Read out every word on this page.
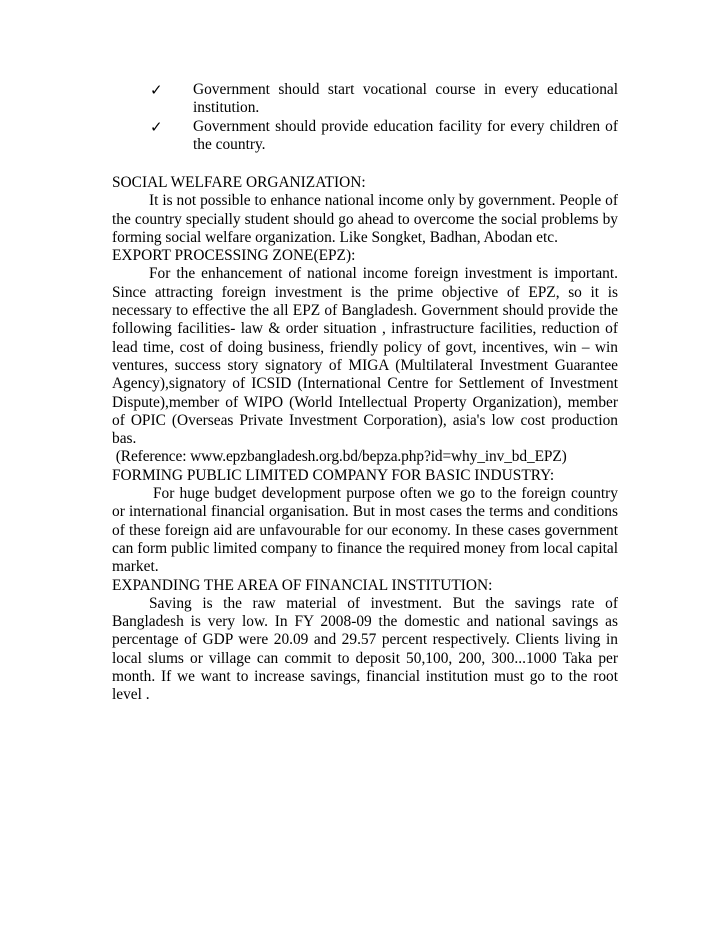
✓ Government should start vocational course in every educational institution.
✓ Government should provide education facility for every children of the country.
SOCIAL WELFARE ORGANIZATION:
It is not possible to enhance national income only by government. People of the country specially student should go ahead to overcome the social problems by forming social welfare organization. Like Songket, Badhan, Abodan etc.
EXPORT PROCESSING ZONE(EPZ):
For the enhancement of national income foreign investment is important. Since attracting foreign investment is the prime objective of EPZ, so it is necessary to effective the all EPZ of Bangladesh. Government should provide the following facilities- law & order situation , infrastructure facilities, reduction of lead time, cost of doing business, friendly policy of govt, incentives, win – win ventures, success story signatory of MIGA (Multilateral Investment Guarantee Agency),signatory of ICSID (International Centre for Settlement of Investment Dispute),member of WIPO (World Intellectual Property Organization), member of OPIC (Overseas Private Investment Corporation), asia's low cost production bas.
(Reference: www.epzbangladesh.org.bd/bepza.php?id=why_inv_bd_EPZ)
FORMING PUBLIC LIMITED COMPANY FOR BASIC INDUSTRY:
For huge budget development purpose often we go to the foreign country or international financial organisation. But in most cases the terms and conditions of these foreign aid are unfavourable for our economy. In these cases government can form public limited company to finance the required money from local capital market.
EXPANDING THE AREA OF FINANCIAL INSTITUTION:
Saving is the raw material of investment. But the savings rate of Bangladesh is very low. In FY 2008-09 the domestic and national savings as percentage of GDP were 20.09 and 29.57 percent respectively. Clients living in local slums or village can commit to deposit 50,100, 200, 300...1000 Taka per month. If we want to increase savings, financial institution must go to the root level .
